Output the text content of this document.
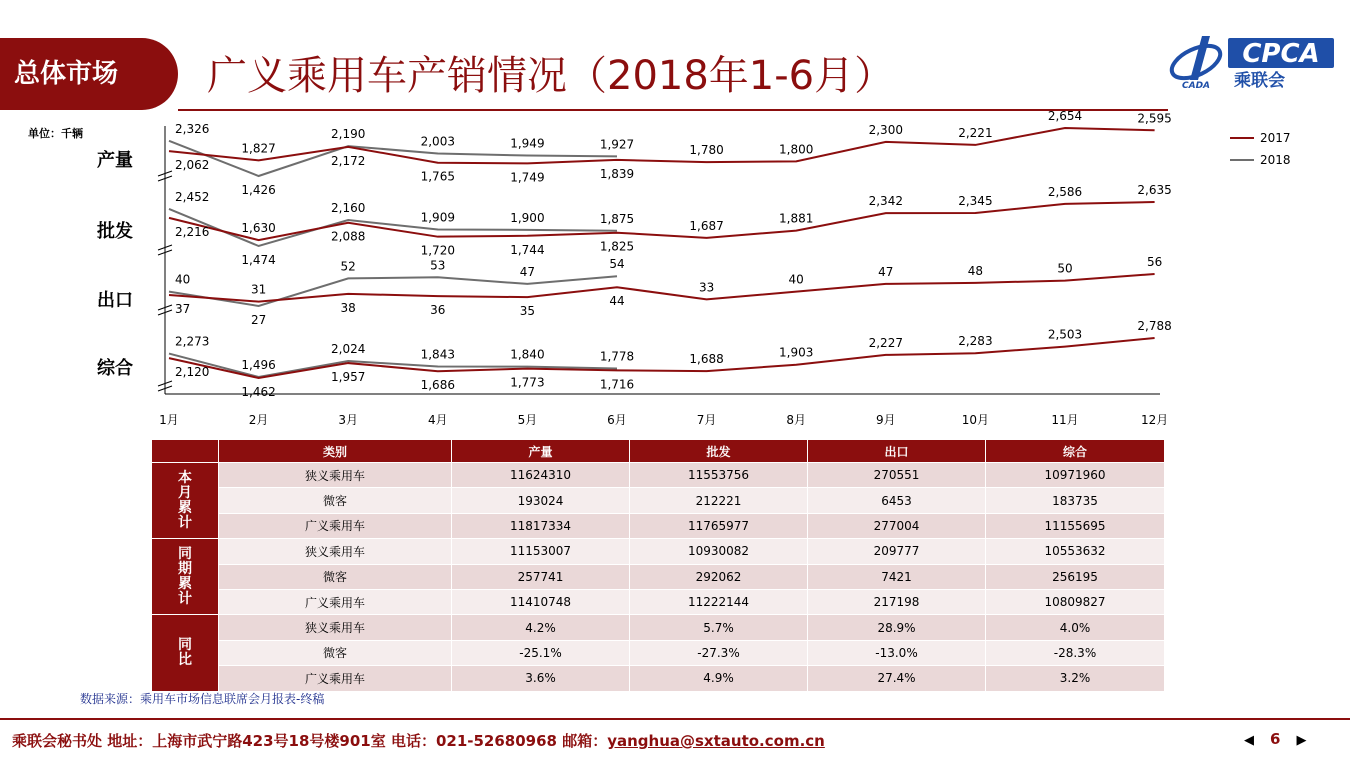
总体市场	广义乘用车产销情况（2018年1-6月）	CADA
CPCA
乘联会
单位：千辆
产量	2,062
1,827
2,172
1,765	1,749	1,839
1,780	1,800
2,300	2,221
2,654	2,595
2,326
1,426
2,190
2,003	1,949	1,927
批发	2,216	1,630
2,088
1,720	1,744	1,825
1,687
1,881
2,342	2,345
2,586	2,635
2,452
1,474
2,160
1,909	1,900	1,875
出口	37
31
38	36	35
44
33
40
47	48	50	56
40
27
52	53	47
54
综合	2,120
1,462
1,957
1,686	1,773	1,716
1,688	1,903
2,227	2,283	2,503
2,788
2,273
1,496
2,024	1,843	1,840	1,778
1月	2月	3月	4月	5月	6月	7月	8月	9月	10月	11月	12月
2017
2018
	类别	产量	批发	出口	综合
本
月
累
计	狭义乘用车	11624310	11553756	270551	10971960
	微客	193024	212221	6453	183735
	广义乘用车	11817334	11765977	277004	11155695
同
期
累
计	狭义乘用车	11153007	10930082	209777	10553632
	微客	257741	292062	7421	256195
	广义乘用车	11410748	11222144	217198	10809827
同
比	狭义乘用车	4.2%	5.7%	28.9%	4.0%
	微客	-25.1%	-27.3%	-13.0%	-28.3%
	广义乘用车	3.6%	4.9%	27.4%	3.2%
数据来源：乘用车市场信息联席会月报表-终稿
乘联会秘书处 地址：上海市武宁路423号18号楼901室 电话：021-52680968 邮箱：yanghua@sxtauto.com.cn	◀ 6 ▶
